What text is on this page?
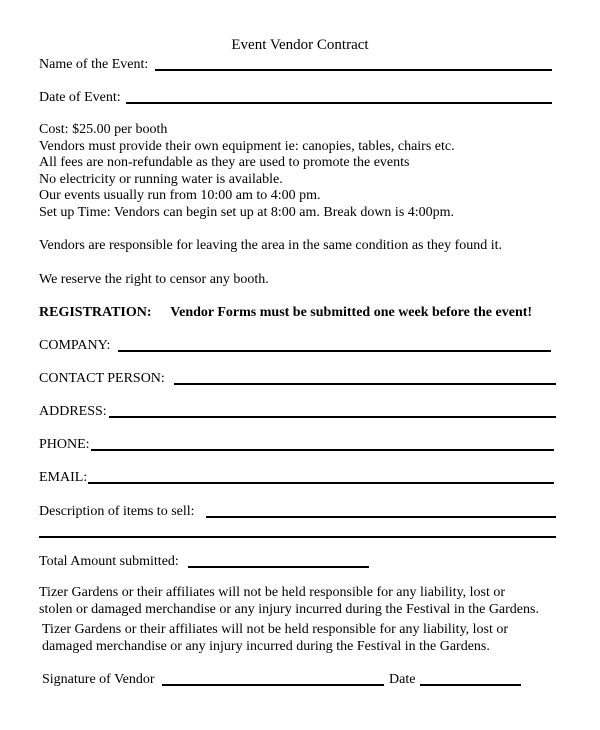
Event Vendor Contract
Name of the Event:
Date of Event:
Cost: $25.00 per booth
Vendors must provide their own equipment ie: canopies, tables, chairs etc.
All fees are non-refundable as they are used to promote the events
No electricity or running water is available.
Our events usually run from 10:00 am to 4:00 pm.
Set up Time: Vendors can begin set up at 8:00 am. Break down is 4:00pm.
Vendors are responsible for leaving the area in the same condition as they found it.
We reserve the right to censor any booth.
REGISTRATION: Vendor Forms must be submitted one week before the event!
COMPANY:
CONTACT PERSON:
ADDRESS:
PHONE:
EMAIL:
Description of items to sell:
Total Amount submitted:
Tizer Gardens or their affiliates will not be held responsible for any liability, lost or
stolen or damaged merchandise or any injury incurred during the Festival in the Gardens.
Tizer Gardens or their affiliates will not be held responsible for any liability, lost or
damaged merchandise or any injury incurred during the Festival in the Gardens.
Signature of Vendor	Date
